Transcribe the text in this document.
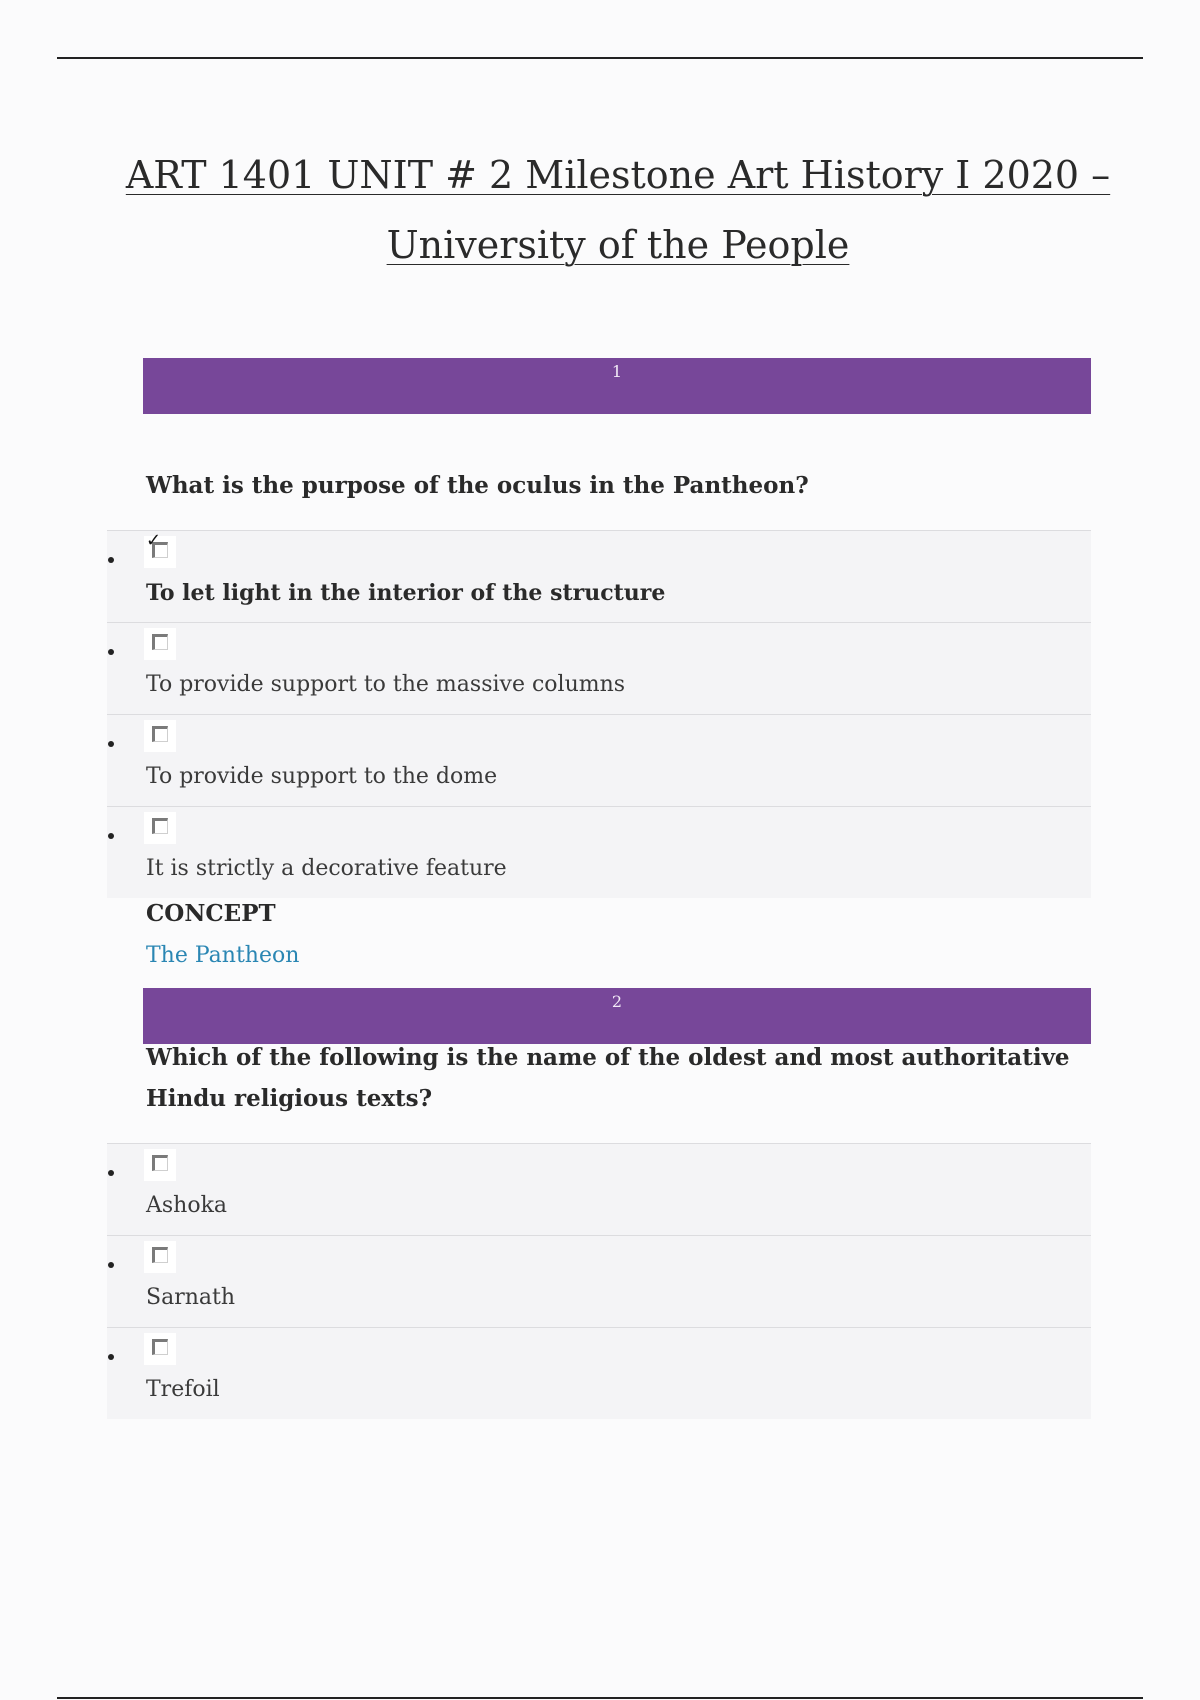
ART 1401 UNIT # 2 Milestone Art History I 2020 – University of the People
1

What is the purpose of the oculus in the Pantheon?

✓
To let light in the interior of the structure
To provide support to the massive columns
To provide support to the dome
It is strictly a decorative feature
CONCEPT
The Pantheon
2

Which of the following is the name of the oldest and most authoritative Hindu religious texts?

Ashoka
Sarnath
Trefoil
